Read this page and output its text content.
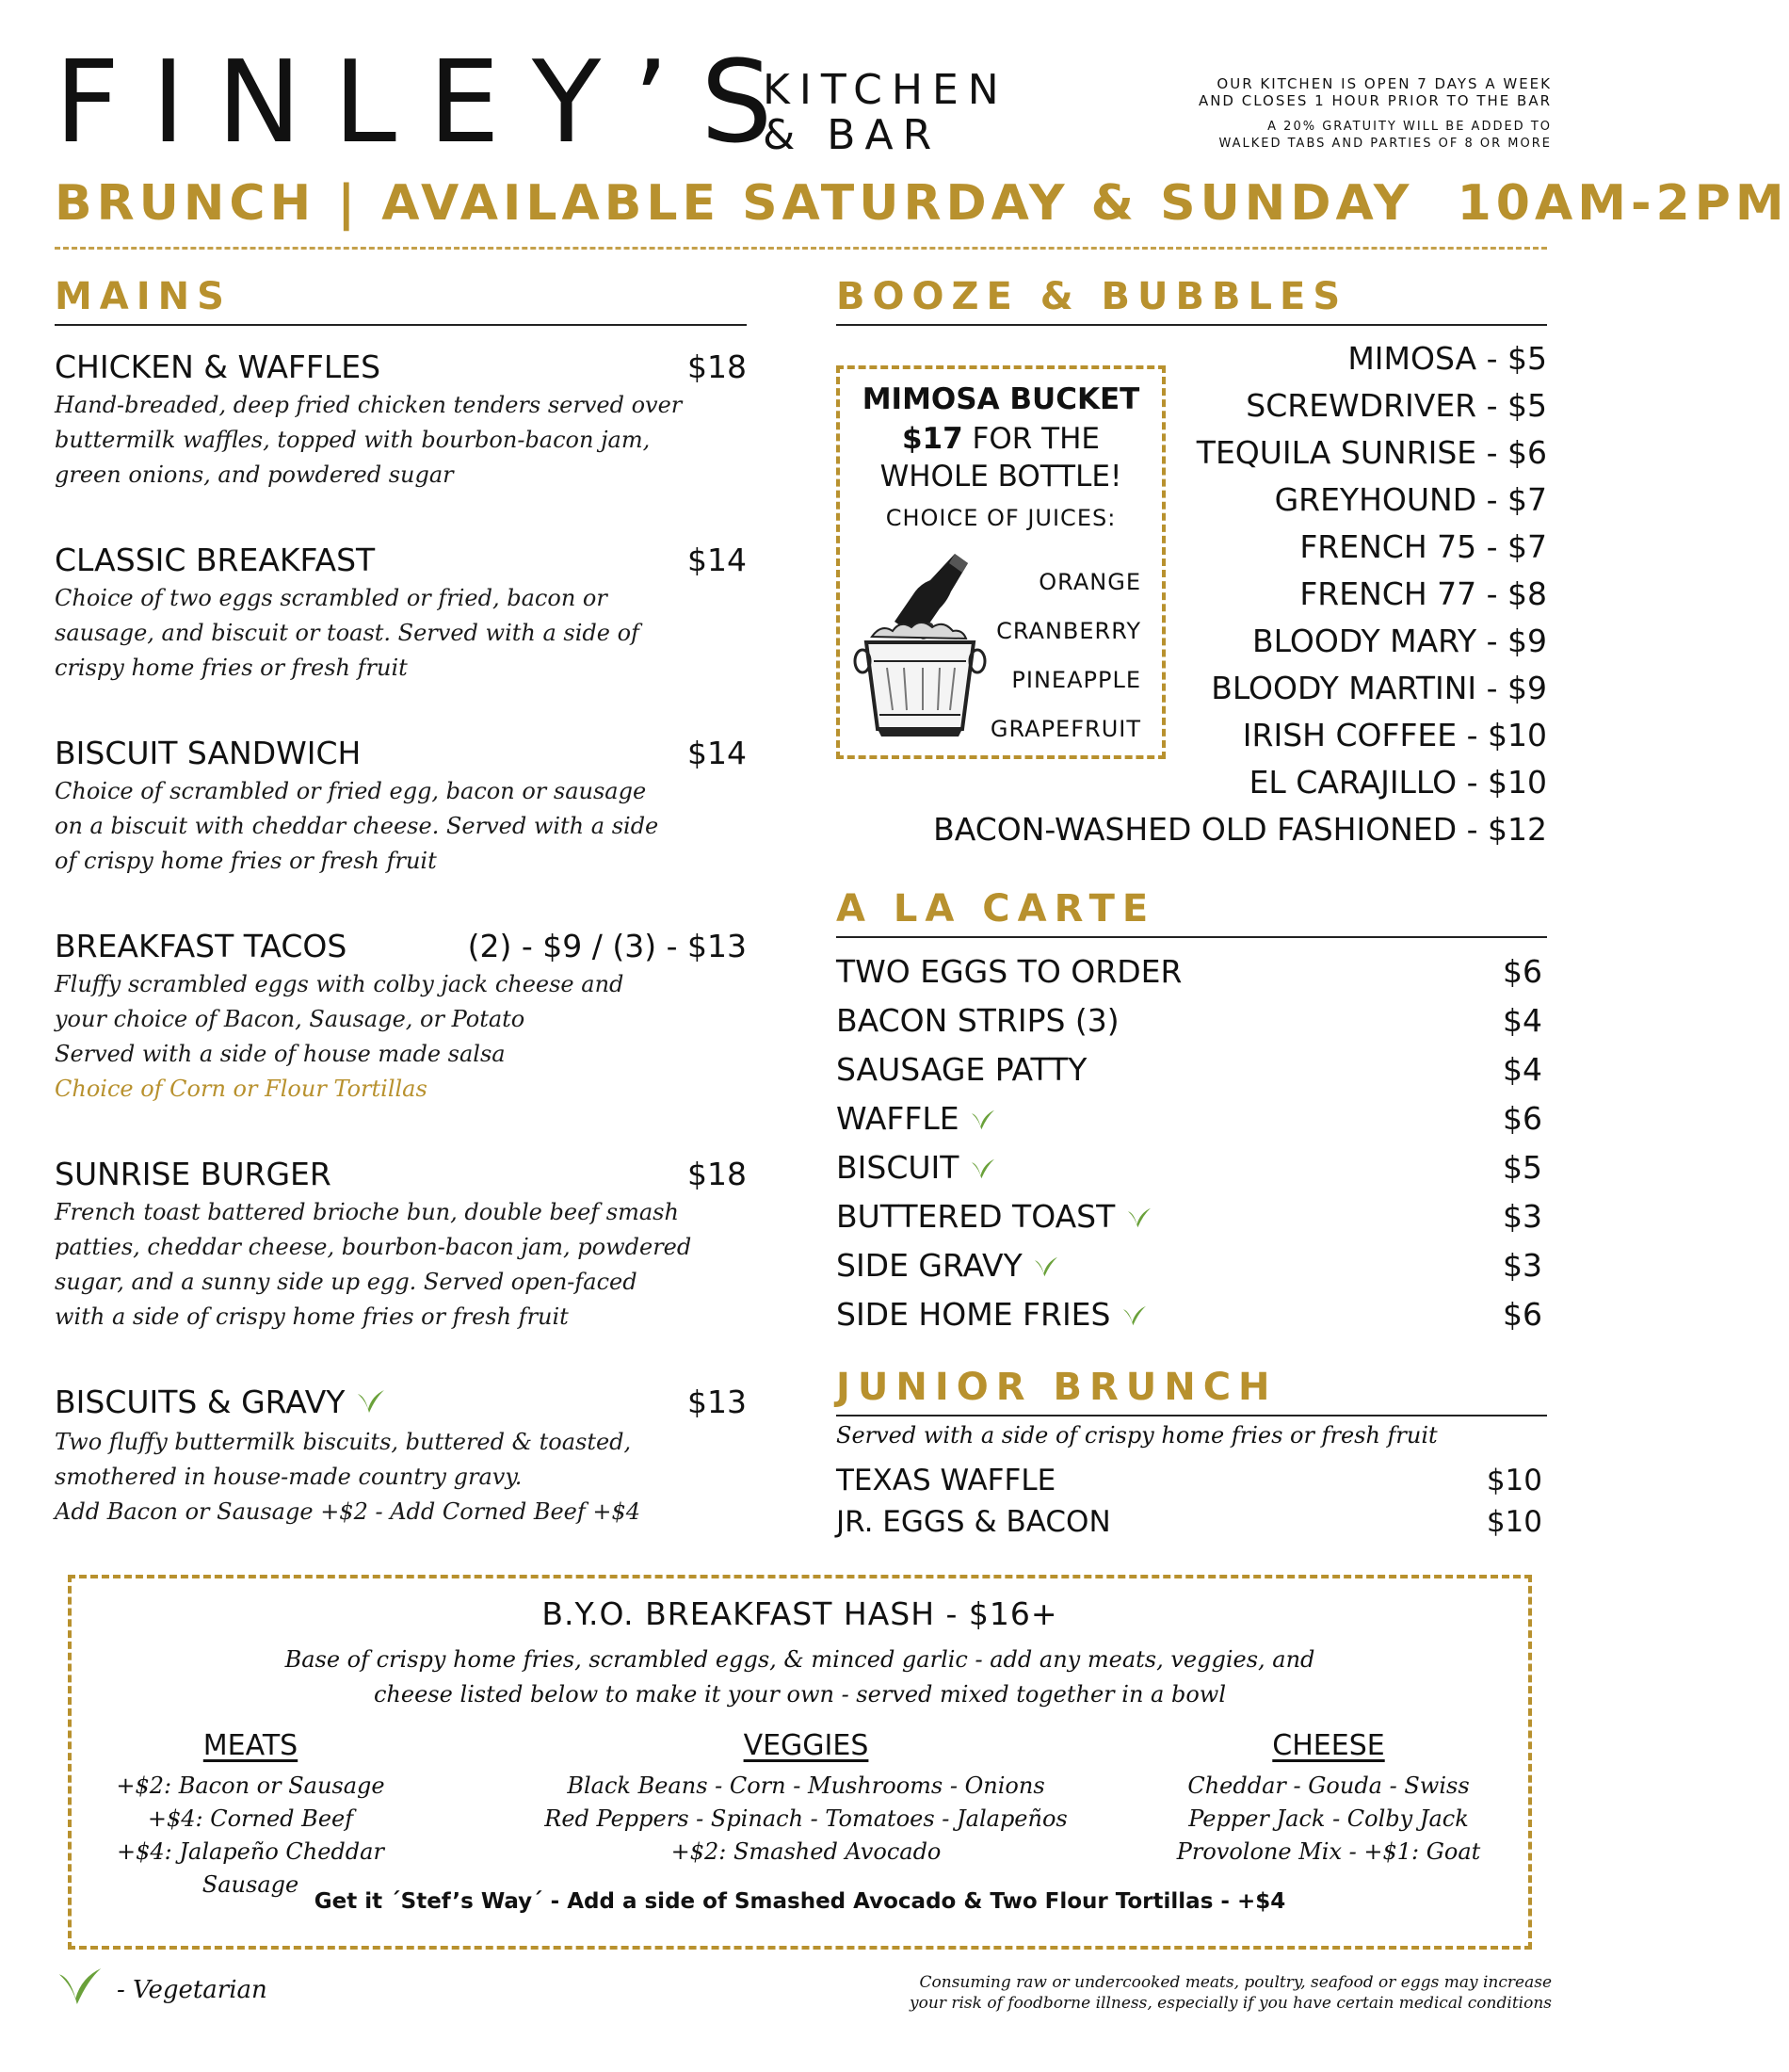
FINLEY’S
KITCHEN
& BAR
OUR KITCHEN IS OPEN 7 DAYS A WEEK
AND CLOSES 1 HOUR PRIOR TO THE BAR
A 20% GRATUITY WILL BE ADDED TO
WALKED TABS AND PARTIES OF 8 OR MORE
BRUNCH | AVAILABLE SATURDAY & SUNDAY  10AM-2PM
MAINS
CHICKEN & WAFFLES	$18
Hand-breaded, deep fried chicken tenders served over
buttermilk waffles, topped with bourbon-bacon jam,
green onions, and powdered sugar
CLASSIC BREAKFAST	$14
Choice of two eggs scrambled or fried, bacon or
sausage, and biscuit or toast. Served with a side of
crispy home fries or fresh fruit
BISCUIT SANDWICH	$14
Choice of scrambled or fried egg, bacon or sausage
on a biscuit with cheddar cheese. Served with a side
of crispy home fries or fresh fruit
BREAKFAST TACOS	(2) - $9 / (3) - $13
Fluffy scrambled eggs with colby jack cheese and
your choice of Bacon, Sausage, or Potato
Served with a side of house made salsa
Choice of Corn or Flour Tortillas
SUNRISE BURGER	$18
French toast battered brioche bun, double beef smash
patties, cheddar cheese, bourbon-bacon jam, powdered
sugar, and a sunny side up egg. Served open-faced
with a side of crispy home fries or fresh fruit
BISCUITS & GRAVY	$13
Two fluffy buttermilk biscuits, buttered & toasted,
smothered in house-made country gravy.
Add Bacon or Sausage +$2 - Add Corned Beef +$4
BOOZE & BUBBLES
MIMOSA BUCKET
$17 FOR THE
WHOLE BOTTLE!
CHOICE OF JUICES:
ORANGE
CRANBERRY
PINEAPPLE
GRAPEFRUIT
MIMOSA - $5
SCREWDRIVER - $5
TEQUILA SUNRISE - $6
GREYHOUND - $7
FRENCH 75 - $7
FRENCH 77 - $8
BLOODY MARY - $9
BLOODY MARTINI - $9
IRISH COFFEE - $10
EL CARAJILLO - $10
BACON-WASHED OLD FASHIONED - $12
A LA CARTE
TWO EGGS TO ORDER	$6
BACON STRIPS (3)	$4
SAUSAGE PATTY	$4
WAFFLE	$6
BISCUIT	$5
BUTTERED TOAST	$3
SIDE GRAVY	$3
SIDE HOME FRIES	$6
JUNIOR BRUNCH
Served with a side of crispy home fries or fresh fruit
TEXAS WAFFLE	$10
JR. EGGS & BACON	$10
B.Y.O. BREAKFAST HASH - $16+
Base of crispy home fries, scrambled eggs, & minced garlic - add any meats, veggies, and
cheese listed below to make it your own - served mixed together in a bowl
MEATS
+$2: Bacon or Sausage
+$4: Corned Beef
+$4: Jalapeño Cheddar Sausage
VEGGIES
Black Beans - Corn - Mushrooms - Onions
Red Peppers - Spinach - Tomatoes - Jalapeños
+$2: Smashed Avocado
CHEESE
Cheddar - Gouda - Swiss
Pepper Jack - Colby Jack
Provolone Mix - +$1: Goat
Get it ´Stef’s Way´ - Add a side of Smashed Avocado & Two Flour Tortillas - +$4
- Vegetarian	Consuming raw or undercooked meats, poultry, seafood or eggs may increase
your risk of foodborne illness, especially if you have certain medical conditions
